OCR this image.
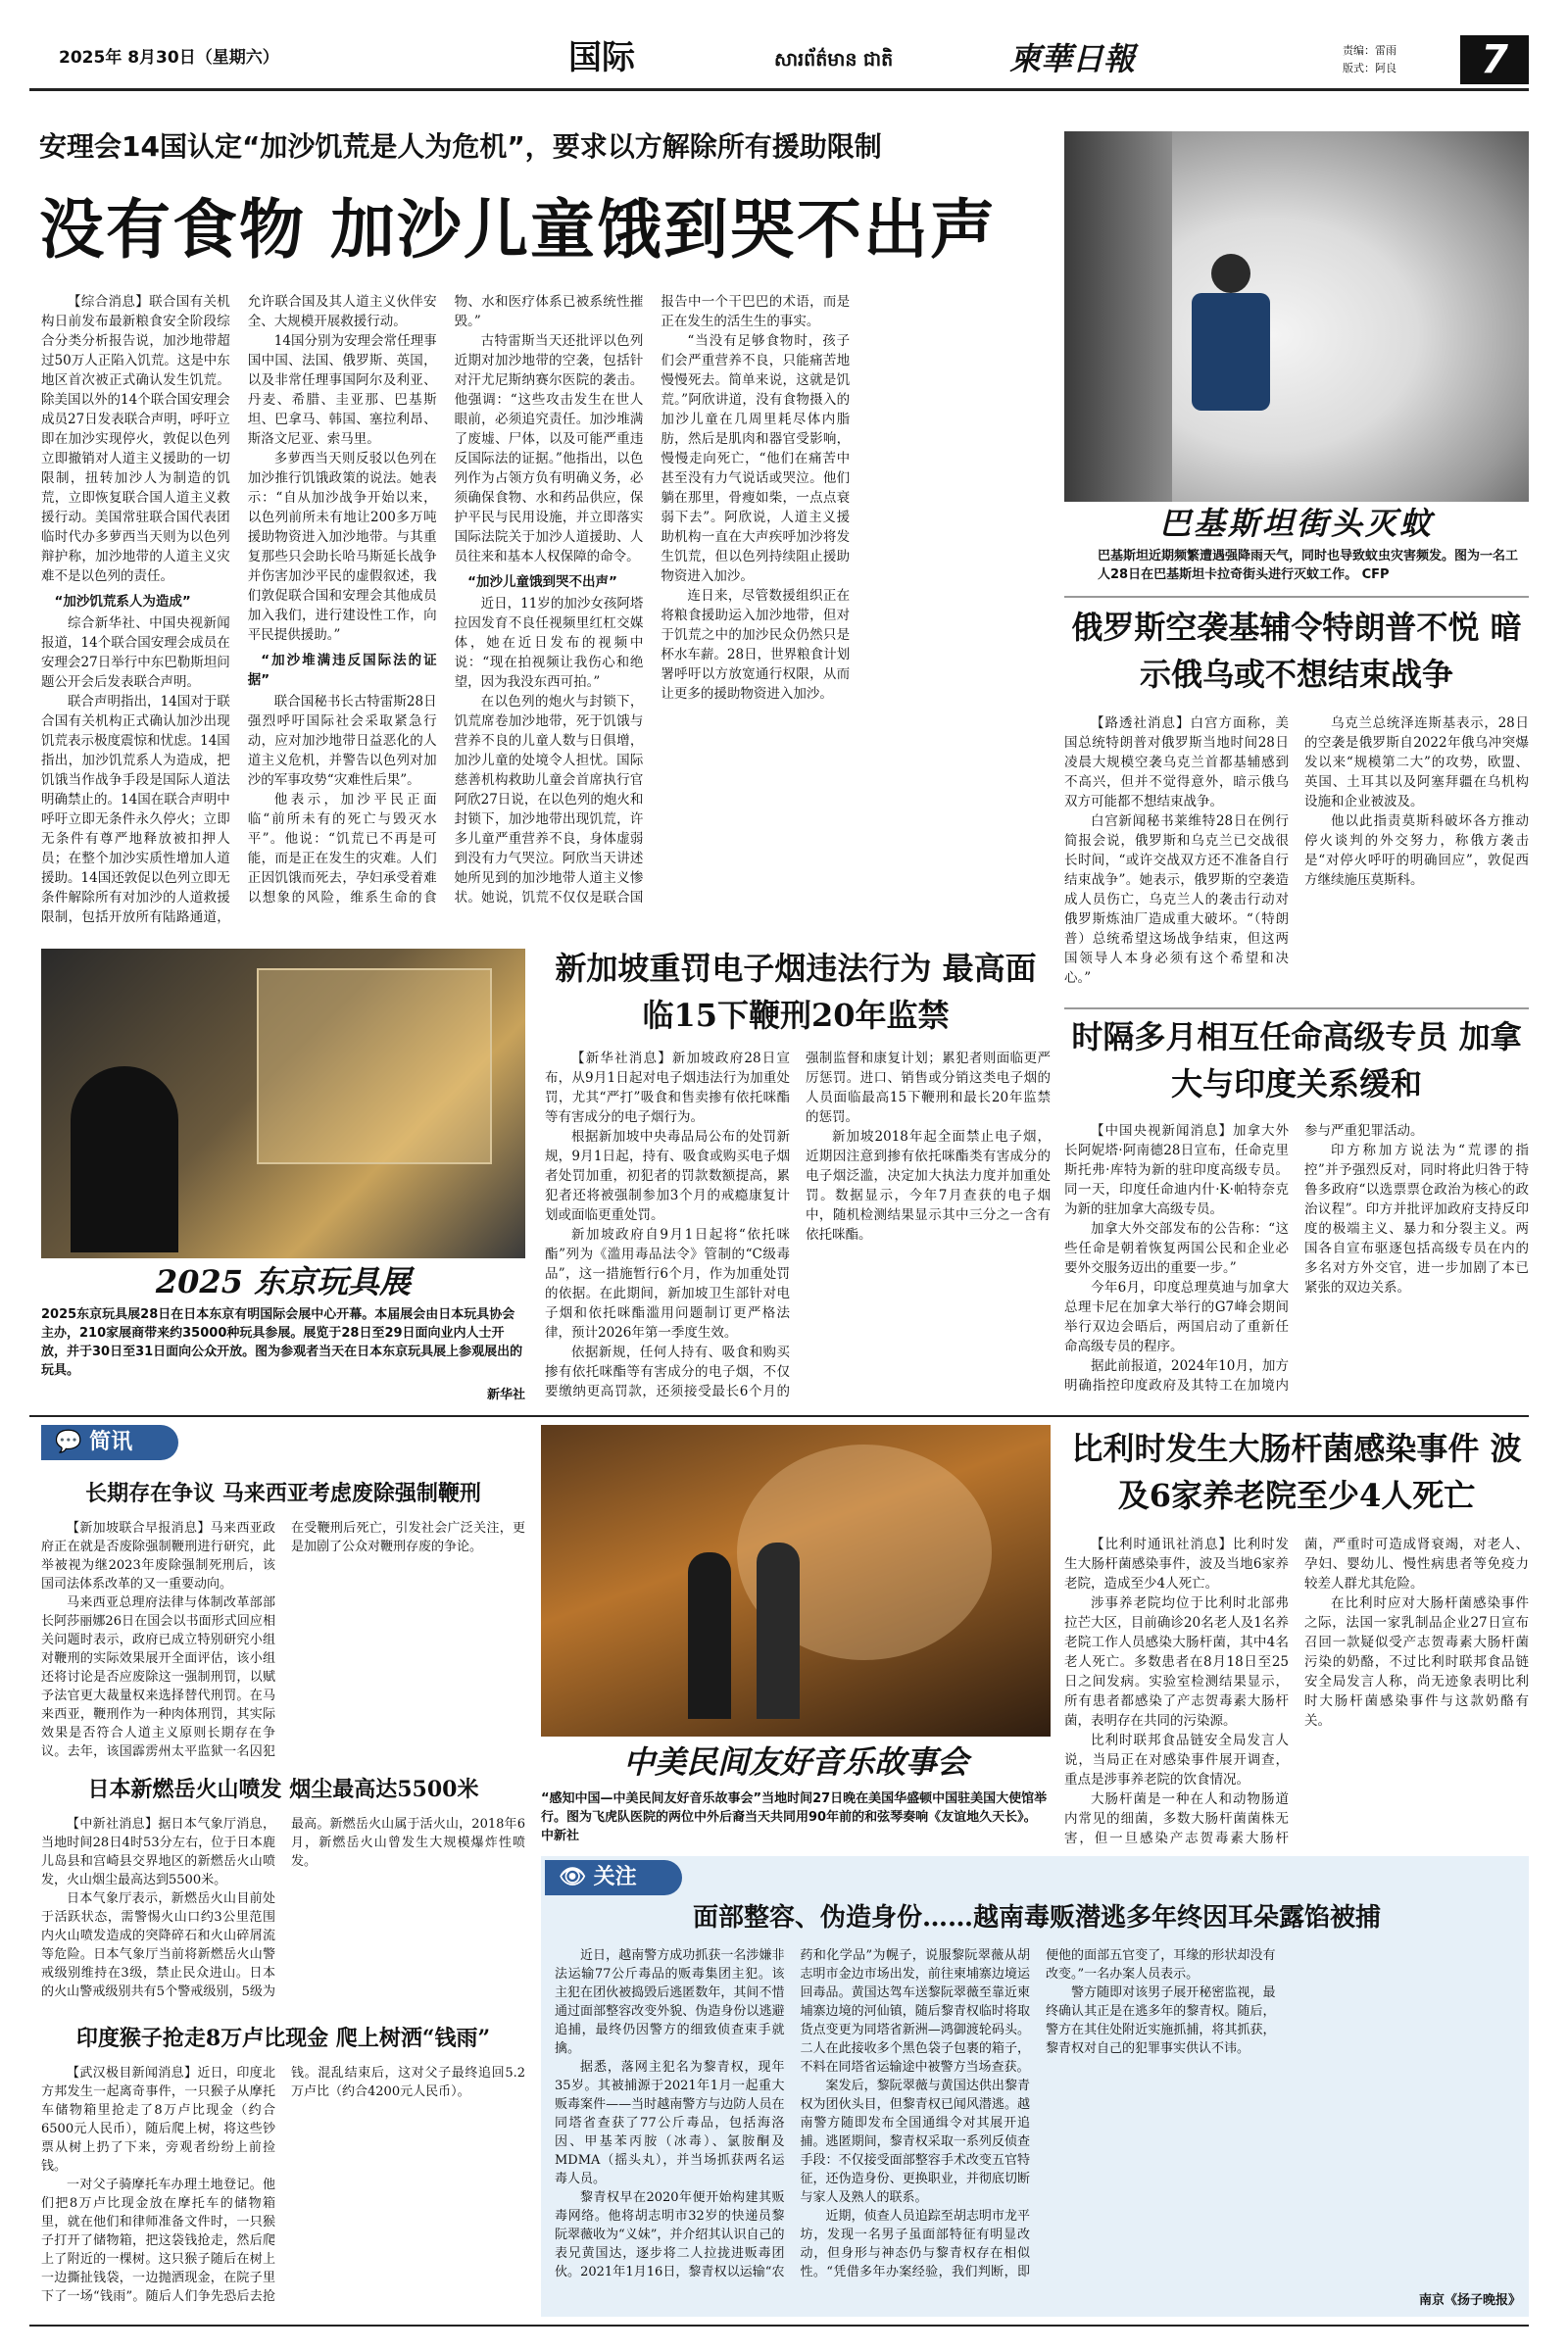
2025年 8月30日（星期六）	国际	សារព័ត៌មាន ជាតិ	柬華日報	责编：雷雨
版式：阿良	7
安理会14国认定“加沙饥荒是人为危机”，要求以方解除所有援助限制
没有食物 加沙儿童饿到哭不出声

【综合消息】联合国有关机构日前发布最新粮食安全阶段综合分类分析报告说，加沙地带超过50万人正陷入饥荒。这是中东地区首次被正式确认发生饥荒。除美国以外的14个联合国安理会成员27日发表联合声明，呼吁立即在加沙实现停火，敦促以色列立即撤销对人道主义援助的一切限制，扭转加沙人为制造的饥荒，立即恢复联合国人道主义救援行动。美国常驻联合国代表团临时代办多萝西当天则为以色列辩护称，加沙地带的人道主义灾难不是以色列的责任。

“加沙饥荒系人为造成”

综合新华社、中国央视新闻报道，14个联合国安理会成员在安理会27日举行中东巴勒斯坦问题公开会后发表联合声明。

联合声明指出，14国对于联合国有关机构正式确认加沙出现饥荒表示极度震惊和忧虑。14国指出，加沙饥荒系人为造成，把饥饿当作战争手段是国际人道法明确禁止的。14国在联合声明中呼吁立即无条件永久停火；立即无条件有尊严地释放被扣押人员；在整个加沙实质性增加人道援助。14国还敦促以色列立即无条件解除所有对加沙的人道救援限制，包括开放所有陆路通道，允许联合国及其人道主义伙伴安全、大规模开展救援行动。

14国分别为安理会常任理事国中国、法国、俄罗斯、英国，以及非常任理事国阿尔及利亚、丹麦、希腊、圭亚那、巴基斯坦、巴拿马、韩国、塞拉利昂、斯洛文尼亚、索马里。

多萝西当天则反驳以色列在加沙推行饥饿政策的说法。她表示：“自从加沙战争开始以来，以色列前所未有地让200多万吨援助物资进入加沙地带。与其重复那些只会助长哈马斯延长战争并伤害加沙平民的虚假叙述，我们敦促联合国和安理会其他成员加入我们，进行建设性工作，向平民提供援助。”

“加沙堆满违反国际法的证据”

联合国秘书长古特雷斯28日强烈呼吁国际社会采取紧急行动，应对加沙地带日益恶化的人道主义危机，并警告以色列对加沙的军事攻势“灾难性后果”。

他表示，加沙平民正面临“前所未有的死亡与毁灭水平”。他说：“饥荒已不再是可能，而是正在发生的灾难。人们正因饥饿而死去，孕妇承受着难以想象的风险，维系生命的食物、水和医疗体系已被系统性摧毁。”

古特雷斯当天还批评以色列近期对加沙地带的空袭，包括针对汗尤尼斯纳赛尔医院的袭击。他强调：“这些攻击发生在世人眼前，必须追究责任。加沙堆满了废墟、尸体，以及可能严重违反国际法的证据。”他指出，以色列作为占领方负有明确义务，必须确保食物、水和药品供应，保护平民与民用设施，并立即落实国际法院关于加沙人道援助、人员往来和基本人权保障的命令。

“加沙儿童饿到哭不出声”

近日，11岁的加沙女孩阿塔拉因发育不良任视频里红杠交媒体，她在近日发布的视频中说：“现在拍视频让我伤心和绝望，因为我没东西可拍。”

在以色列的炮火与封锁下，饥荒席卷加沙地带，死于饥饿与营养不良的儿童人数与日俱增，加沙儿童的处境令人担忧。国际慈善机构救助儿童会首席执行官阿欣27日说，在以色列的炮火和封锁下，加沙地带出现饥荒，许多儿童严重营养不良，身体虚弱到没有力气哭泣。阿欣当天讲述她所见到的加沙地带人道主义惨状。她说，饥荒不仅仅是联合国报告中一个干巴巴的术语，而是正在发生的活生生的事实。

“当没有足够食物时，孩子们会严重营养不良，只能痛苦地慢慢死去。简单来说，这就是饥荒。”阿欣讲道，没有食物摄入的加沙儿童在几周里耗尽体内脂肪，然后是肌肉和器官受影响，慢慢走向死亡，“他们在痛苦中甚至没有力气说话或哭泣。他们躺在那里，骨瘦如柴，一点点衰弱下去”。阿欣说，人道主义援助机构一直在大声疾呼加沙将发生饥荒，但以色列持续阻止援助物资进入加沙。

连日来，尽管数援组织正在将粮食援助运入加沙地带，但对于饥荒之中的加沙民众仍然只是杯水车薪。28日，世界粮食计划署呼吁以方放宽通行权限，从而让更多的援助物资进入加沙。

巴基斯坦街头灭蚊
巴基斯坦近期频繁遭遇强降雨天气，同时也导致蚊虫灾害频发。图为一名工人28日在巴基斯坦卡拉奇街头进行灭蚊工作。 CFP
俄罗斯空袭基辅令特朗普不悦 暗示俄乌或不想结束战争

【路透社消息】白宫方面称，美国总统特朗普对俄罗斯当地时间28日凌晨大规模空袭乌克兰首都基辅感到不高兴，但并不觉得意外，暗示俄乌双方可能都不想结束战争。

白宫新闻秘书莱维特28日在例行简报会说，俄罗斯和乌克兰已交战很长时间，“或许交战双方还不准备自行结束战争”。她表示，俄罗斯的空袭造成人员伤亡，乌克兰人的袭击行动对俄罗斯炼油厂造成重大破坏。“（特朗普）总统希望这场战争结束，但这两国领导人本身必须有这个希望和决心。”

乌克兰总统泽连斯基表示，28日的空袭是俄罗斯自2022年俄乌冲突爆发以来“规模第二大”的攻势，欧盟、英国、土耳其以及阿塞拜疆在乌机构设施和企业被波及。

他以此指责莫斯科破坏各方推动停火谈判的外交努力，称俄方袭击是“对停火呼吁的明确回应”，敦促西方继续施压莫斯科。

2025 东京玩具展
2025东京玩具展28日在日本东京有明国际会展中心开幕。本届展会由日本玩具协会主办，210家展商带来约35000种玩具参展。展览于28日至29日面向业内人士开放，并于30日至31日面向公众开放。图为参观者当天在日本东京玩具展上参观展出的玩具。
新华社
新加坡重罚电子烟违法行为 最高面临15下鞭刑20年监禁

【新华社消息】新加坡政府28日宣布，从9月1日起对电子烟违法行为加重处罚，尤其“严打”吸食和售卖掺有依托咪酯等有害成分的电子烟行为。

根据新加坡中央毒品局公布的处罚新规，9月1日起，持有、吸食或购买电子烟者处罚加重，初犯者的罚款数额提高，累犯者还将被强制参加3个月的戒瘾康复计划或面临更重处罚。

新加坡政府自9月1日起将“依托咪酯”列为《滥用毒品法令》管制的“C级毒品”，这一措施暂行6个月，作为加重处罚的依据。在此期间，新加坡卫生部针对电子烟和依托咪酯滥用问题制订更严格法律，预计2026年第一季度生效。

依据新规，任何人持有、吸食和购买掺有依托咪酯等有害成分的电子烟，不仅要缴纳更高罚款，还须接受最长6个月的强制监督和康复计划；累犯者则面临更严厉惩罚。进口、销售或分销这类电子烟的人员面临最高15下鞭刑和最长20年监禁的惩罚。

新加坡2018年起全面禁止电子烟，近期因注意到掺有依托咪酯类有害成分的电子烟泛滥，决定加大执法力度并加重处罚。数据显示，今年7月查获的电子烟中，随机检测结果显示其中三分之一含有依托咪酯。

时隔多月相互任命高级专员 加拿大与印度关系缓和

【中国央视新闻消息】加拿大外长阿妮塔·阿南德28日宣布，任命克里斯托弗·库特为新的驻印度高级专员。同一天，印度任命迪内什·K·帕特奈克为新的驻加拿大高级专员。

加拿大外交部发布的公告称：“这些任命是朝着恢复两国公民和企业必要外交服务迈出的重要一步。”

今年6月，印度总理莫迪与加拿大总理卡尼在加拿大举行的G7峰会期间举行双边会晤后，两国启动了重新任命高级专员的程序。

据此前报道，2024年10月，加方明确指控印度政府及其特工在加境内参与严重犯罪活动。

印方称加方说法为“荒谬的指控”并予强烈反对，同时将此归咎于特鲁多政府“以选票票仓政治为核心的政治议程”。印方并批评加政府支持反印度的极端主义、暴力和分裂主义。两国各自宣布驱逐包括高级专员在内的多名对方外交官，进一步加剧了本已紧张的双边关系。

💬 简讯
长期存在争议 马来西亚考虑废除强制鞭刑

【新加坡联合早报消息】马来西亚政府正在就是否废除强制鞭刑进行研究，此举被视为继2023年废除强制死刑后，该国司法体系改革的又一重要动向。

马来西亚总理府法律与体制改革部部长阿莎丽娜26日在国会以书面形式回应相关问题时表示，政府已成立特别研究小组对鞭刑的实际效果展开全面评估，该小组还将讨论是否应废除这一强制刑罚，以赋予法官更大裁量权来选择替代刑罚。在马来西亚，鞭刑作为一种肉体刑罚，其实际效果是否符合人道主义原则长期存在争议。去年，该国霹雳州太平监狱一名囚犯在受鞭刑后死亡，引发社会广泛关注，更是加剧了公众对鞭刑存废的争论。

日本新燃岳火山喷发 烟尘最高达5500米

【中新社消息】据日本气象厅消息，当地时间28日4时53分左右，位于日本鹿儿岛县和宫崎县交界地区的新燃岳火山喷发，火山烟尘最高达到5500米。

日本气象厅表示，新燃岳火山目前处于活跃状态，需警惕火山口约3公里范围内火山喷发造成的突降碎石和火山碎屑流等危险。日本气象厅当前将新燃岳火山警戒级别维持在3级，禁止民众进山。日本的火山警戒级别共有5个警戒级别，5级为最高。新燃岳火山属于活火山，2018年6月，新燃岳火山曾发生大规模爆炸性喷发。

印度猴子抢走8万卢比现金 爬上树洒“钱雨”

【武汉极目新闻消息】近日，印度北方邦发生一起离奇事件，一只猴子从摩托车储物箱里抢走了8万卢比现金（约合6500元人民币），随后爬上树，将这些钞票从树上扔了下来，旁观者纷纷上前捡钱。

一对父子骑摩托车办理土地登记。他们把8万卢比现金放在摩托车的储物箱里，就在他们和律师准备文件时，一只猴子打开了储物箱，把这袋钱抢走，然后爬上了附近的一棵树。这只猴子随后在树上一边撕扯钱袋，一边抛洒现金，在院子里下了一场“钱雨”。随后人们争先恐后去抢钱。混乱结束后，这对父子最终追回5.2万卢比（约合4200元人民币）。

中美民间友好音乐故事会
“感知中国—中美民间友好音乐故事会”当地时间27日晚在美国华盛顿中国驻美国大使馆举行。图为飞虎队医院的两位中外后裔当天共同用90年前的和弦琴奏响《友谊地久天长》。 中新社
比利时发生大肠杆菌感染事件 波及6家养老院至少4人死亡

【比利时通讯社消息】比利时发生大肠杆菌感染事件，波及当地6家养老院，造成至少4人死亡。

涉事养老院均位于比利时北部弗拉芒大区，目前确诊20名老人及1名养老院工作人员感染大肠杆菌，其中4名老人死亡。多数患者在8月18日至25日之间发病。实验室检测结果显示，所有患者都感染了产志贺毒素大肠杆菌，表明存在共同的污染源。

比利时联邦食品链安全局发言人说，当局正在对感染事件展开调查，重点是涉事养老院的饮食情况。

大肠杆菌是一种在人和动物肠道内常见的细菌，多数大肠杆菌菌株无害，但一旦感染产志贺毒素大肠杆菌，严重时可造成肾衰竭，对老人、孕妇、婴幼儿、慢性病患者等免疫力较差人群尤其危险。

在比利时应对大肠杆菌感染事件之际，法国一家乳制品企业27日宣布召回一款疑似受产志贺毒素大肠杆菌污染的奶酪，不过比利时联邦食品链安全局发言人称，尚无迹象表明比利时大肠杆菌感染事件与这款奶酪有关。

👁 关注
面部整容、伪造身份……越南毒贩潜逃多年终因耳朵露馅被捕

近日，越南警方成功抓获一名涉嫌非法运输77公斤毒品的贩毒集团主犯。该主犯在团伙被捣毁后逃匿数年，其间不惜通过面部整容改变外貌、伪造身份以逃避追捕，最终仍因警方的细致侦查束手就擒。

据悉，落网主犯名为黎青权，现年35岁。其被捕源于2021年1月一起重大贩毒案件——当时越南警方与边防人员在同塔省查获了77公斤毒品，包括海洛因、甲基苯丙胺（冰毒）、氯胺酮及MDMA（摇头丸），并当场抓获两名运毒人员。

黎青权早在2020年便开始构建其贩毒网络。他将胡志明市32岁的快递员黎阮翠薇收为“义妹”，并介绍其认识自己的表兄黄国达，逐步将二人拉拢进贩毒团伙。2021年1月16日，黎青权以运输“农药和化学品”为幌子，说服黎阮翠薇从胡志明市金边市场出发，前往柬埔寨边境运回毒品。黄国达驾车送黎阮翠薇至靠近柬埔寨边境的河仙镇，随后黎青权临时将取货点变更为同塔省新洲—鸿御渡轮码头。二人在此接收多个黑色袋子包裹的箱子，不料在同塔省运输途中被警方当场查获。

案发后，黎阮翠薇与黄国达供出黎青权为团伙头目，但黎青权已闻风潜逃。越南警方随即发布全国通缉令对其展开追捕。逃匿期间，黎青权采取一系列反侦查手段：不仅接受面部整容手术改变五官特征，还伪造身份、更换职业，并彻底切断与家人及熟人的联系。

近期，侦查人员追踪至胡志明市龙平坊，发现一名男子虽面部特征有明显改动，但身形与神态仍与黎青权存在相似性。“凭借多年办案经验，我们判断，即便他的面部五官变了，耳缘的形状却没有改变。”一名办案人员表示。

警方随即对该男子展开秘密监视，最终确认其正是在逃多年的黎青权。随后，警方在其住处附近实施抓捕，将其抓获，黎青权对自己的犯罪事实供认不讳。

南京《扬子晚报》
